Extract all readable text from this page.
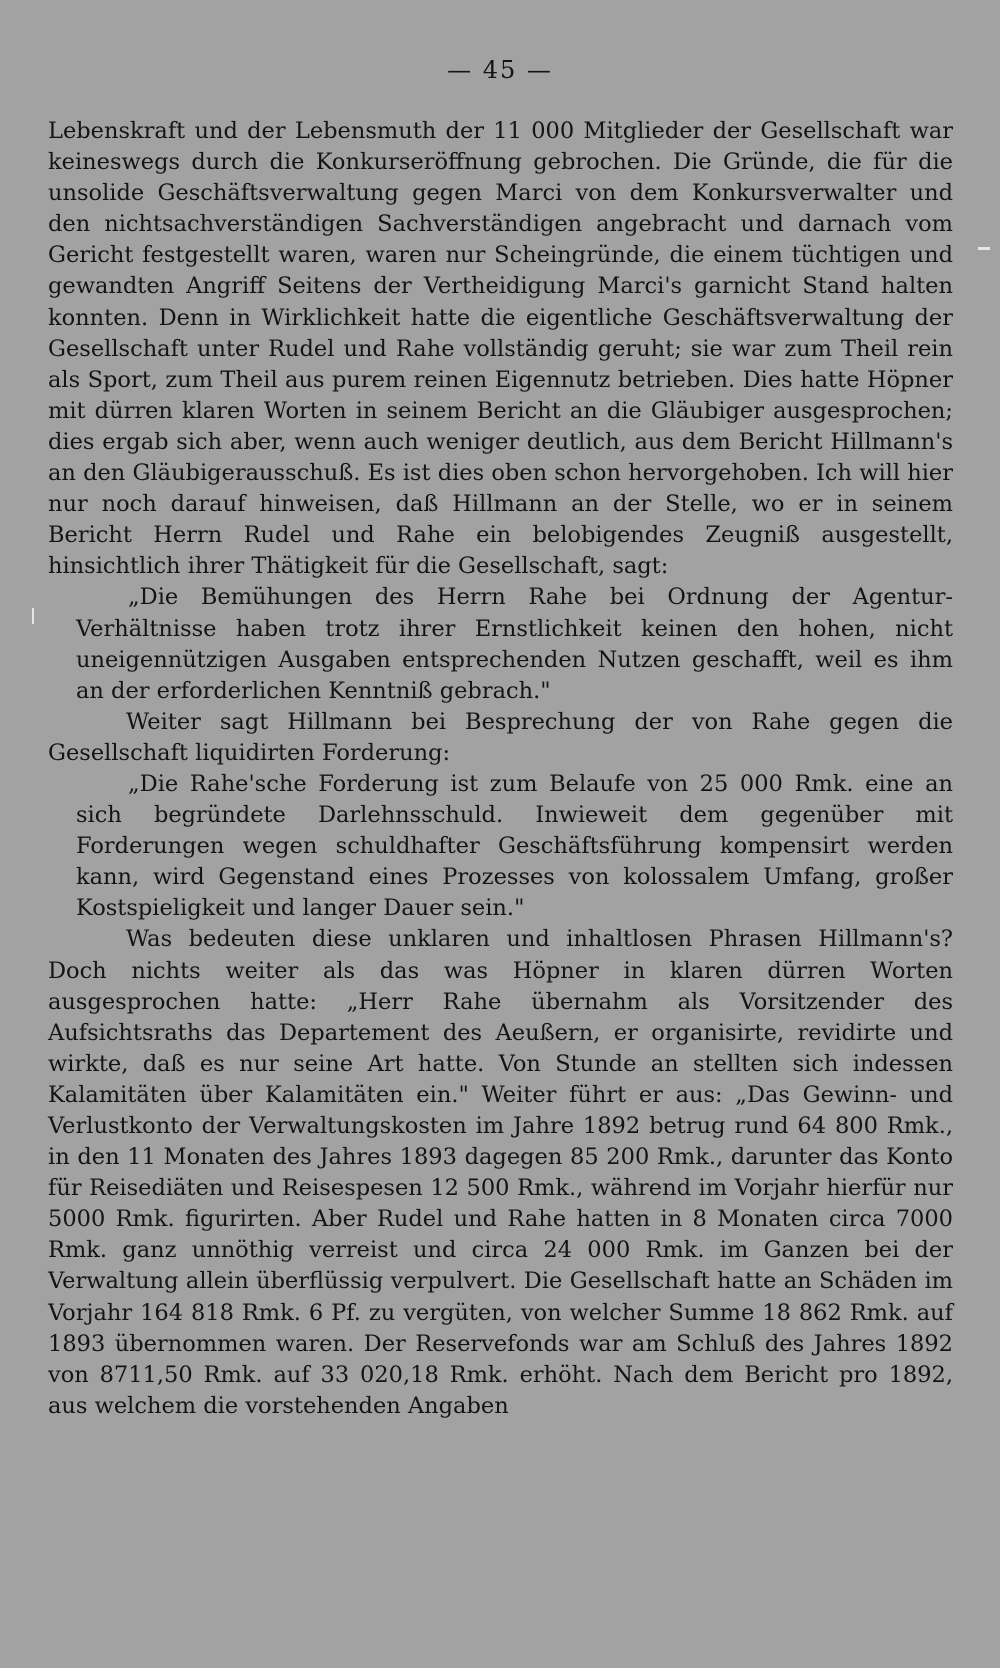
— 45 —

Lebenskraft und der Lebensmuth der 11 000 Mitglieder der Gesellschaft war keineswegs durch die Konkurseröffnung gebrochen. Die Gründe, die für die unsolide Geschäftsverwaltung gegen Marci von dem Konkursverwalter und den nichtsachverständigen Sachverständigen angebracht und darnach vom Gericht festgestellt waren, waren nur Scheingründe, die einem tüchtigen und gewandten Angriff Seitens der Vertheidigung Marci's garnicht Stand halten konnten. Denn in Wirklichkeit hatte die eigentliche Geschäftsverwaltung der Gesellschaft unter Rudel und Rahe vollständig geruht; sie war zum Theil rein als Sport, zum Theil aus purem reinen Eigennutz betrieben. Dies hatte Höpner mit dürren klaren Worten in seinem Bericht an die Gläubiger ausgesprochen; dies ergab sich aber, wenn auch weniger deutlich, aus dem Bericht Hillmann's an den Gläubigerausschuß. Es ist dies oben schon hervorgehoben. Ich will hier nur noch darauf hinweisen, daß Hillmann an der Stelle, wo er in seinem Bericht Herrn Rudel und Rahe ein belobigendes Zeugniß ausgestellt, hinsichtlich ihrer Thätigkeit für die Gesellschaft, sagt:

„Die Bemühungen des Herrn Rahe bei Ordnung der Agentur-Verhältnisse haben trotz ihrer Ernstlichkeit keinen den hohen, nicht uneigennützigen Ausgaben entsprechenden Nutzen geschafft, weil es ihm an der erforderlichen Kenntniß gebrach."

Weiter sagt Hillmann bei Besprechung der von Rahe gegen die Gesellschaft liquidirten Forderung:

„Die Rahe'sche Forderung ist zum Belaufe von 25 000 Rmk. eine an sich begründete Darlehnsschuld. Inwieweit dem gegenüber mit Forderungen wegen schuldhafter Geschäftsführung kompensirt werden kann, wird Gegenstand eines Prozesses von kolossalem Umfang, großer Kostspieligkeit und langer Dauer sein."

Was bedeuten diese unklaren und inhaltlosen Phrasen Hillmann's? Doch nichts weiter als das was Höpner in klaren dürren Worten ausgesprochen hatte: „Herr Rahe übernahm als Vorsitzender des Aufsichtsraths das Departement des Aeußern, er organisirte, revidirte und wirkte, daß es nur seine Art hatte. Von Stunde an stellten sich indessen Kalamitäten über Kalamitäten ein." Weiter führt er aus: „Das Gewinn- und Verlustkonto der Verwaltungskosten im Jahre 1892 betrug rund 64 800 Rmk., in den 11 Monaten des Jahres 1893 dagegen 85 200 Rmk., darunter das Konto für Reisediäten und Reisespesen 12 500 Rmk., während im Vorjahr hierfür nur 5000 Rmk. figurirten. Aber Rudel und Rahe hatten in 8 Monaten circa 7000 Rmk. ganz unnöthig verreist und circa 24 000 Rmk. im Ganzen bei der Verwaltung allein überflüssig verpulvert. Die Gesellschaft hatte an Schäden im Vorjahr 164 818 Rmk. 6 Pf. zu vergüten, von welcher Summe 18 862 Rmk. auf 1893 übernommen waren. Der Reservefonds war am Schluß des Jahres 1892 von 8711,50 Rmk. auf 33 020,18 Rmk. erhöht. Nach dem Bericht pro 1892, aus welchem die vorstehenden Angaben
